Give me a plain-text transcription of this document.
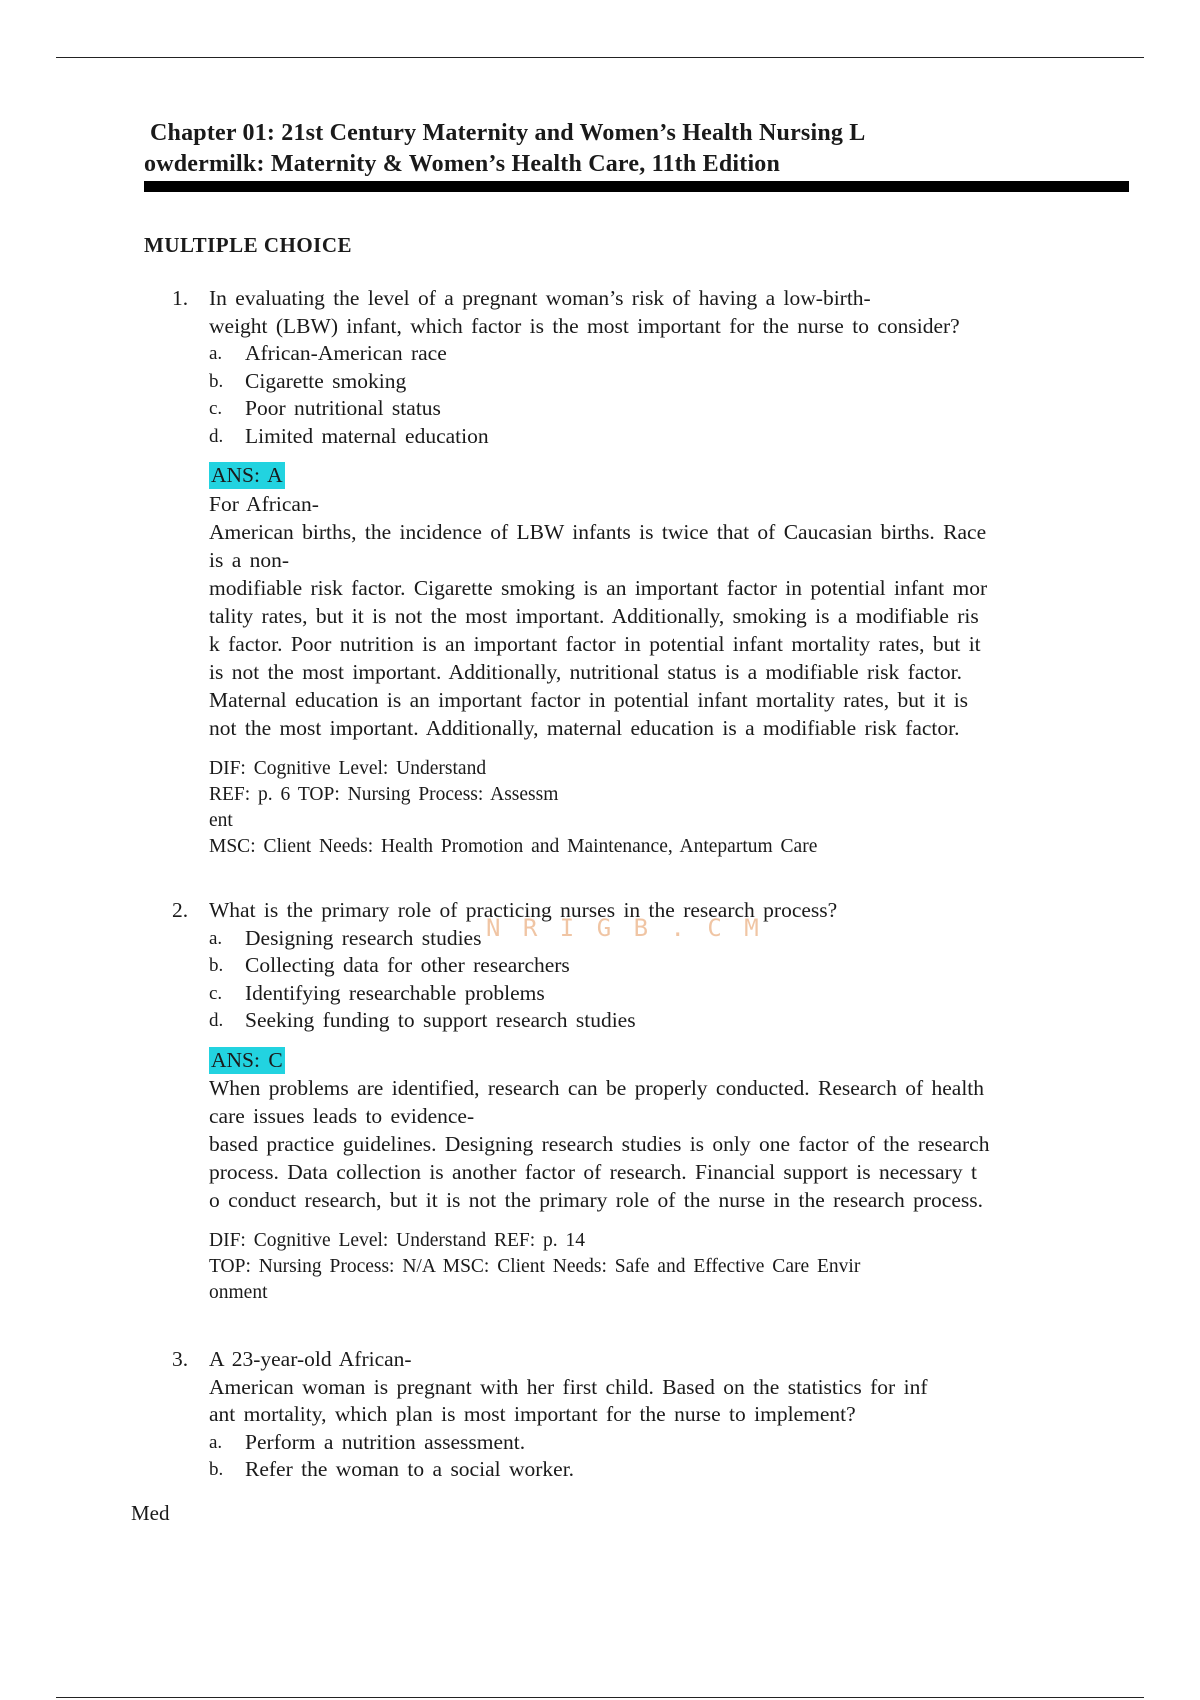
Chapter 01: 21st Century Maternity and Women’s Health Nursing L
owdermilk: Maternity & Women’s Health Care, 11th Edition
MULTIPLE CHOICE
1. In evaluating the level of a pregnant woman’s risk of having a low-birth-
weight (LBW) infant, which factor is the most important for the nurse to consider?
a.	African-American race
b.	Cigarette smoking
c.	Poor nutritional status
d.	Limited maternal education
ANS: A
For African-
American births, the incidence of LBW infants is twice that of Caucasian births. Race
is a non-
modifiable risk factor. Cigarette smoking is an important factor in potential infant mor
tality rates, but it is not the most important. Additionally, smoking is a modifiable ris
k factor. Poor nutrition is an important factor in potential infant mortality rates, but it
is not the most important. Additionally, nutritional status is a modifiable risk factor.
Maternal education is an important factor in potential infant mortality rates, but it is
not the most important. Additionally, maternal education is a modifiable risk factor.
DIF: Cognitive Level: Understand
REF: p. 6 TOP: Nursing Process: Assessm
ent
MSC: Client Needs: Health Promotion and Maintenance, Antepartum Care
2. What is the primary role of practicing nurses in the research process?
a.	Designing research studies
b.	Collecting data for other researchers
c.	Identifying researchable problems
d.	Seeking funding to support research studies
ANS: C
When problems are identified, research can be properly conducted. Research of health
care issues leads to evidence-
based practice guidelines. Designing research studies is only one factor of the research
process. Data collection is another factor of research. Financial support is necessary t
o conduct research, but it is not the primary role of the nurse in the research process.
DIF: Cognitive Level: Understand REF: p. 14
TOP: Nursing Process: N/A MSC: Client Needs: Safe and Effective Care Envir
onment
3. A 23-year-old African-
American woman is pregnant with her first child. Based on the statistics for inf
ant mortality, which plan is most important for the nurse to implement?
a.	Perform a nutrition assessment.
b.	Refer the woman to a social worker.
N R I G B . C M
Med
